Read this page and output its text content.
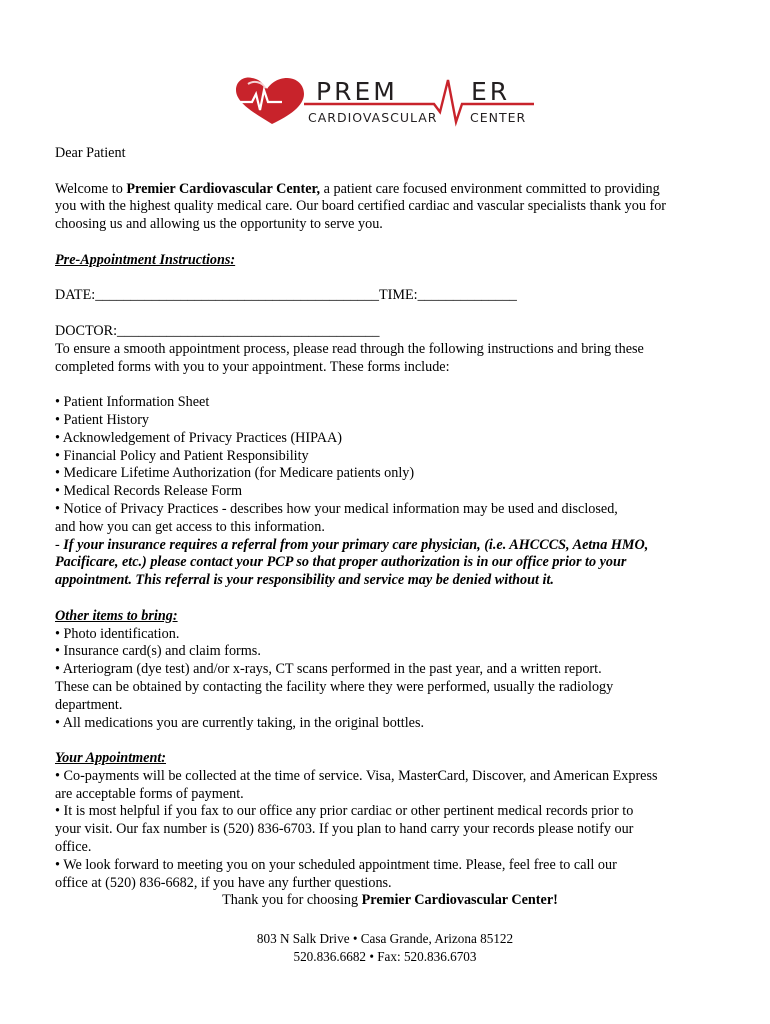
PREM	ER
CARDIOVASCULAR	CENTER

Dear Patient

Welcome to Premier Cardiovascular Center, a patient care focused environment committed to providing

you with the highest quality medical care. Our board certified cardiac and vascular specialists thank you for

choosing us and allowing us the opportunity to serve you.

Pre-Appointment Instructions:

DATE:________________________________________TIME:______________

DOCTOR:_____________________________________

To ensure a smooth appointment process, please read through the following instructions and bring these

completed forms with you to your appointment. These forms include:

• Patient Information Sheet

• Patient History

• Acknowledgement of Privacy Practices (HIPAA)

• Financial Policy and Patient Responsibility

• Medicare Lifetime Authorization (for Medicare patients only)

• Medical Records Release Form

• Notice of Privacy Practices - describes how your medical information may be used and disclosed,

and how you can get access to this information.

- If your insurance requires a referral from your primary care physician, (i.e. AHCCCS, Aetna HMO,

Pacificare, etc.) please contact your PCP so that proper authorization is in our office prior to your

appointment. This referral is your responsibility and service may be denied without it.

Other items to bring:

• Photo identification.

• Insurance card(s) and claim forms.

• Arteriogram (dye test) and/or x-rays, CT scans performed in the past year, and a written report.

These can be obtained by contacting the facility where they were performed, usually the radiology

department.

• All medications you are currently taking, in the original bottles.

Your Appointment:

• Co-payments will be collected at the time of service. Visa, MasterCard, Discover, and American Express

are acceptable forms of payment.

• It is most helpful if you fax to our office any prior cardiac or other pertinent medical records prior to

your visit. Our fax number is (520) 836-6703. If you plan to hand carry your records please notify our

office.

• We look forward to meeting you on your scheduled appointment time. Please, feel free to call our

office at (520) 836-6682, if you have any further questions.

Thank you for choosing Premier Cardiovascular Center!

803 N Salk Drive • Casa Grande, Arizona 85122

520.836.6682 • Fax: 520.836.6703
